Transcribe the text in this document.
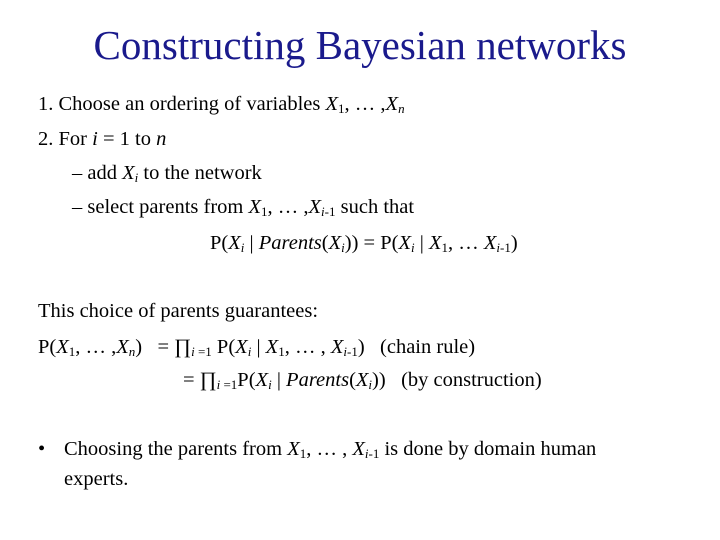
Constructing Bayesian networks
1. Choose an ordering of variables $X_1$, … $,X_n$
2. For i = 1 to n
– add $X_i$ to the network
– select parents from $X_1$, … $,X_{i-1}$ such that
$P(X_i$ | $Parents(X_i)) = P(X_i$ | $X_1$, … $X_{i-1}$)
This choice of parents guarantees:
$P(X_1$, … $,X_n$)   = $\prod_{i =1}$ $P(X_i$ | $X_1$, … , $X_{i-1}$)   (chain rule)
= $\prod_{i =1}P(X_i$ | $Parents(X_i)$)   (by construction)
• Choosing the parents from $X_1$, … , $X_{i-1}$ is done by domain human
experts.
